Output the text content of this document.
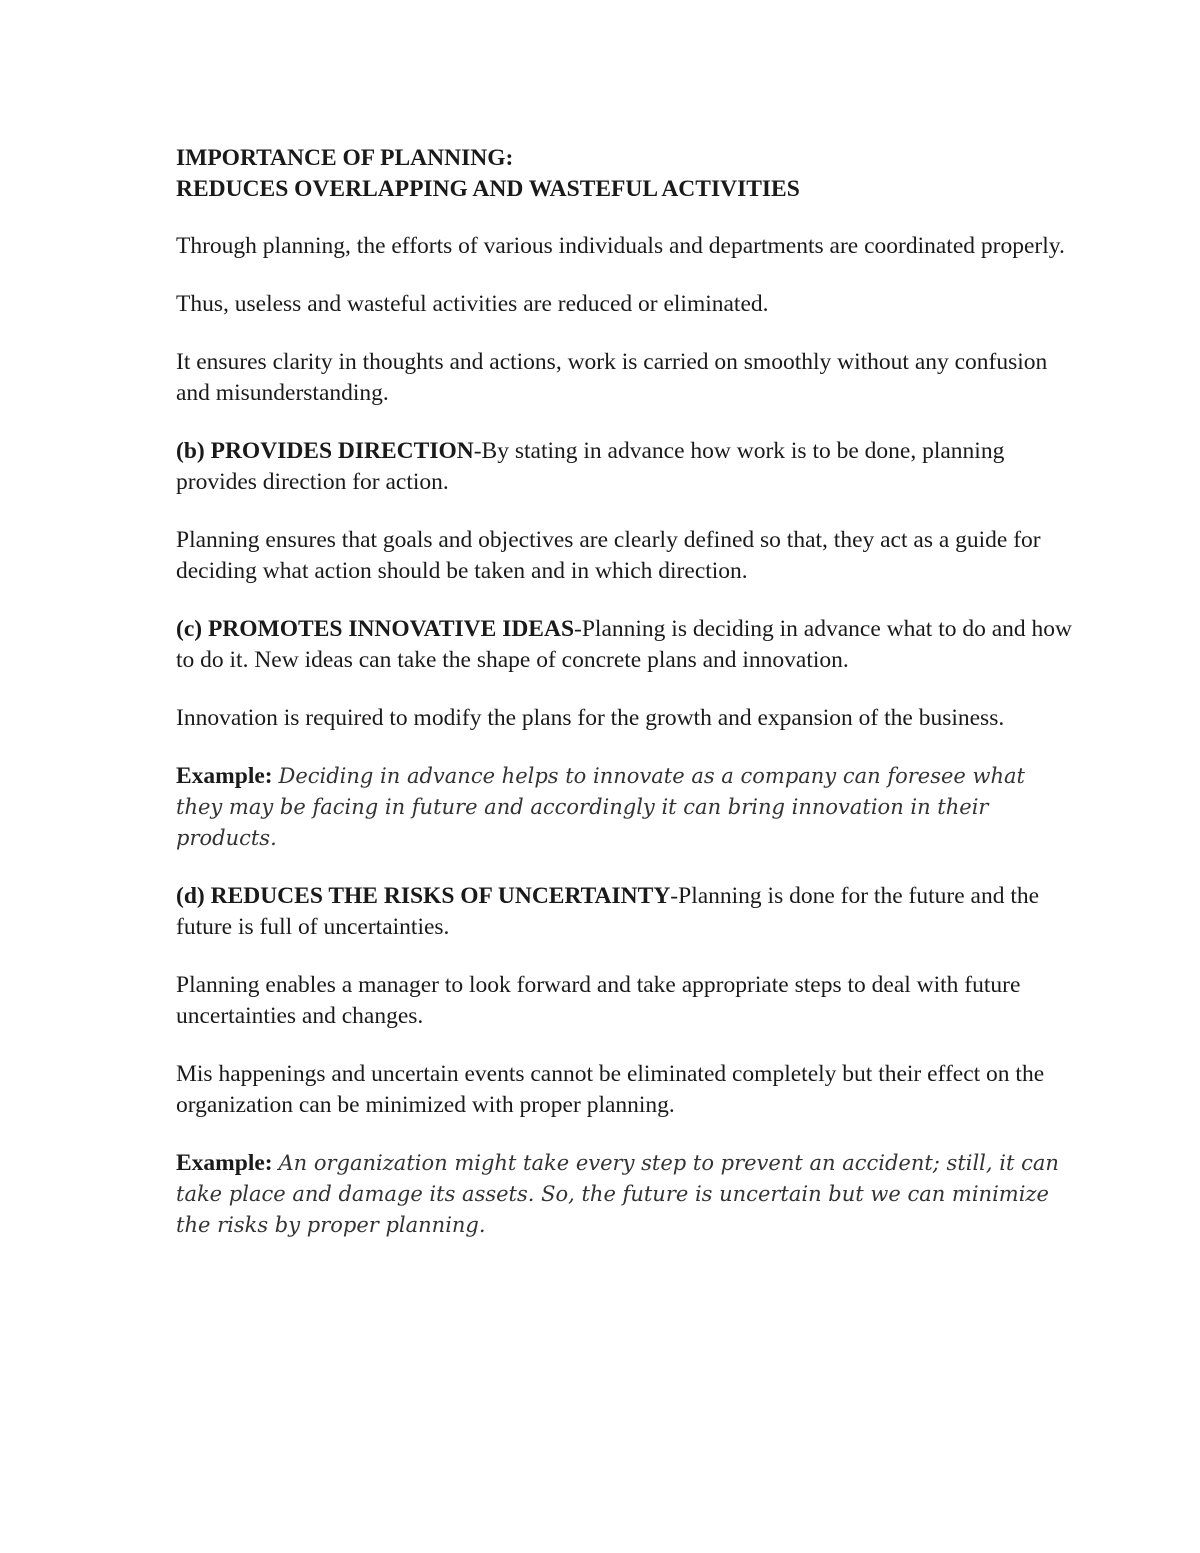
IMPORTANCE OF PLANNING:
REDUCES OVERLAPPING AND WASTEFUL ACTIVITIES

Through planning, the efforts of various individuals and departments are coordinated properly.

Thus, useless and wasteful activities are reduced or eliminated.

It ensures clarity in thoughts and actions, work is carried on smoothly without any confusion and misunderstanding.

(b) PROVIDES DIRECTION-By stating in advance how work is to be done, planning provides direction for action.

Planning ensures that goals and objectives are clearly defined so that, they act as a guide for deciding what action should be taken and in which direction.

(c) PROMOTES INNOVATIVE IDEAS-Planning is deciding in advance what to do and how to do it. New ideas can take the shape of concrete plans and innovation.

Innovation is required to modify the plans for the growth and expansion of the business.

Example: Deciding in advance helps to innovate as a company can foresee what they may be facing in future and accordingly it can bring innovation in their products.

(d) REDUCES THE RISKS OF UNCERTAINTY-Planning is done for the future and the future is full of uncertainties.

Planning enables a manager to look forward and take appropriate steps to deal with future uncertainties and changes.

Mis happenings and uncertain events cannot be eliminated completely but their effect on the organization can be minimized with proper planning.

Example: An organization might take every step to prevent an accident; still, it can take place and damage its assets. So, the future is uncertain but we can minimize the risks by proper planning.
